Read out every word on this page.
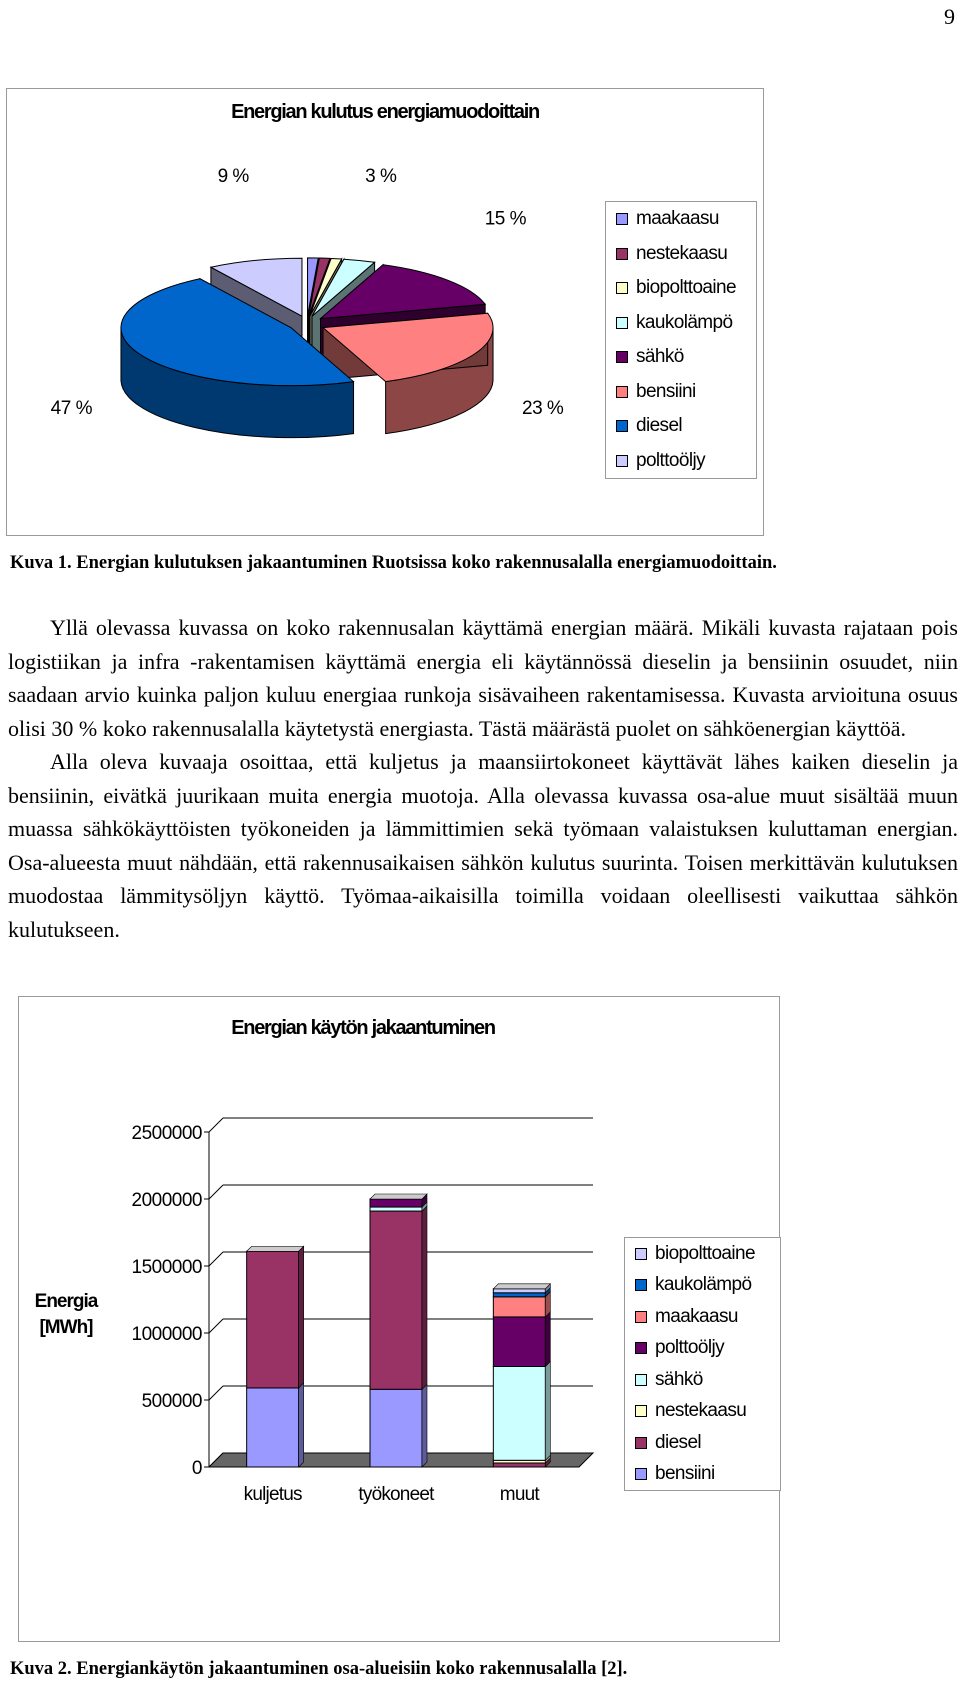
9
Energian kulutus energiamuodoittain
3 %
15 %
23 %
47 %
9 %
maakaasu
nestekaasu
biopolttoaine
kaukolämpö
sähkö
bensiini
diesel
polttoöljy
Kuva 1. Energian kulutuksen jakaantuminen Ruotsissa koko rakennusalalla energiamuodoittain.

Yllä olevassa kuvassa on koko rakennusalan käyttämä energian määrä. Mikäli kuvasta rajataan pois logistiikan ja infra -rakentamisen käyttämä energia eli käytännössä dieselin ja bensiinin osuudet, niin saadaan arvio kuinka paljon kuluu energiaa runkoja sisävaiheen rakentamisessa. Kuvasta arvioituna osuus olisi 30 % koko rakennusalalla käytetystä energiasta. Tästä määrästä puolet on sähköenergian käyttöä.

Alla oleva kuvaaja osoittaa, että kuljetus ja maansiirtokoneet käyttävät lähes kaiken dieselin ja bensiinin, eivätkä juurikaan muita energia muotoja. Alla olevassa kuvassa osa-alue muut sisältää muun muassa sähkökäyttöisten työkoneiden ja lämmittimien sekä työmaan valaistuksen kuluttaman energian. Osa-alueesta muut nähdään, että rakennusaikaisen sähkön kulutus suurinta. Toisen merkittävän kulutuksen muodostaa lämmitysöljyn käyttö. Työmaa-aikaisilla toimilla voidaan oleellisesti vaikuttaa sähkön kulutukseen.

Energian käytön jakaantuminen
0
500000
1000000
1500000
2000000
2500000
Energia
[MWh]
kuljetus	työkoneet	muut
biopolttoaine
kaukolämpö
maakaasu
polttoöljy
sähkö
nestekaasu
diesel
bensiini
Kuva 2. Energiankäytön jakaantuminen osa-alueisiin koko rakennusalalla [2].
